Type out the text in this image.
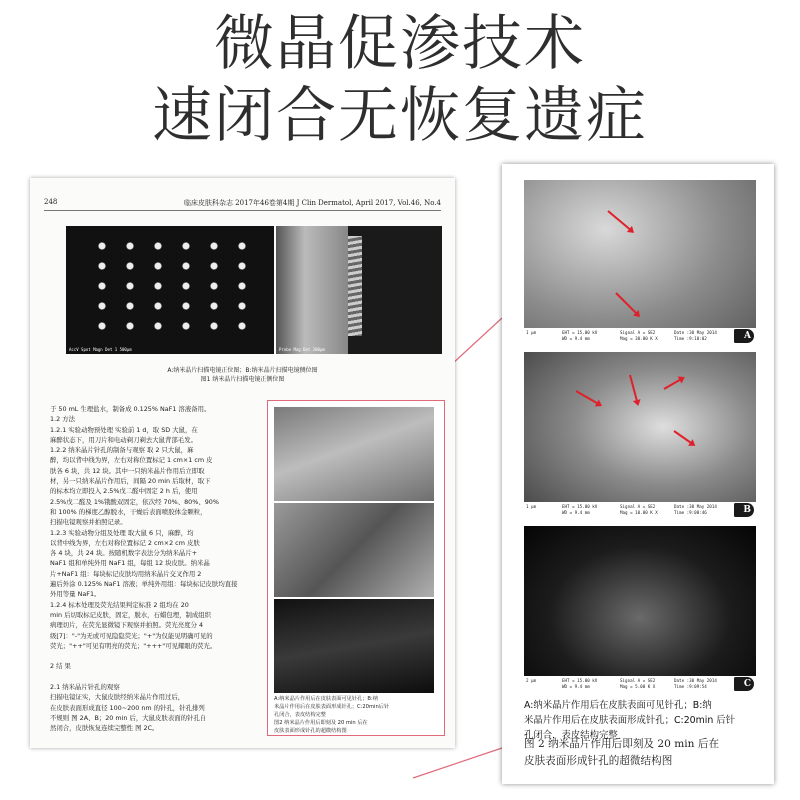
微晶促渗技术
速闭合无恢复遗症
248	临床皮肤科杂志 2017年46卷第4期 J Clin Dermatol, April 2017, Vol.46, No.4
AccV Spot Magn Det 1 500µm	Probe Mag Det 200µm
A:纳米晶片扫描电镜正位图；B:纳米晶片扫描电镜侧位图
图1 纳米晶片扫描电镜正侧位图
于 50 mL 生理盐水，制备成 0.125% NaF1 溶液备用。
1.2 方法
1.2.1 实验动物预处理 实验前 1 d，取 SD 大鼠，在
麻醉状态下，用刀片和电动剃刀剃去大鼠背部毛发。
1.2.2 纳米晶片针孔的制备与观察 取 2 只大鼠，麻
醉，均以背中线为界，左右对称位置标记 1 cm×1 cm 皮
肤各 6 块，共 12 块。其中一只纳米晶片作用后立即取
材，另一只纳米晶片作用后，间隔 20 min 后取材，取下
的标本均立即投入 2.5%戊二醛中固定 2 h 后，使用
2.5%戊二醛及 1%锇酸双固定，依次经 70%、80%、90%
和 100% 的梯度乙醇脱水，干燥后表面喷胶体金颗粒，
扫描电镜观察并拍照记录。
1.2.3 实验动物分组及处理 取大鼠 6 只，麻醉，均
以背中线为界，左右对称位置标记 2 cm×2 cm 皮肤
各 4 块，共 24 块。按随机数字表法分为纳米晶片+
NaF1 组和单纯外用 NaF1 组，每组 12 块皮肤。纳米晶
片+NaF1 组：每块标记皮肤均用纳米晶片交叉作用 2
遍后外涂 0.125% NaF1 溶液；单纯外用组：每块标记皮肤均直接
外用等量 NaF1。
1.2.4 标本处理及荧光结果判定标准 2 组均在 20
min 后切取标记皮肤，固定，脱水，石蜡包埋，制成组织
病理切片，在荧光显微镜下观察并拍照。荧光亮度分 4
级[7]："-"为无或可见隐隐荧光；"+"为仅能见明确可见的
荧光；"++"可见有明亮的荧光；"+++"可见耀眼的荧光。

2 结 果

2.1 纳米晶片针孔的观察
扫描电镜证实，大鼠皮肤经纳米晶片作用过后，
在皮肤表面形成直径 100~200 nm 的针孔，针孔排列
不规则 图 2A、B；20 min 后，大鼠皮肤表面的针孔自
然闭合，皮肤恢复连续完整性 图 2C。
A:纳米晶片作用后在皮肤表面可见针孔；B:纳
米晶片作用后在皮肤表面形成针孔；C:20min后针
孔闭合，表皮结构完整
图2 纳米晶片作用后即刻及 20 min 后在
皮肤表面形成针孔的超微结构图
1 µm	EHT = 15.00 kV
WD = 9.4 mm
Signal A = SE2
Mag = 30.00 K X
Date :30 May 2014
Time :9:10:02	A
1 µm	EHT = 15.00 kV
WD = 9.4 mm
Signal A = SE2
Mag = 10.00 K X
Date :30 May 2014
Time :9:08:46	B
2 µm	EHT = 15.00 kV
WD = 9.4 mm
Signal A = SE2
Mag = 5.00 K X
Date :30 May 2014
Time :9:09:54	C
A:纳米晶片作用后在皮肤表面可见针孔；B:纳
米晶片作用后在皮肤表面形成针孔；C:20min 后针
孔闭合，表皮结构完整
图 2 纳米晶片作用后即刻及 20 min 后在
皮肤表面形成针孔的超微结构图
